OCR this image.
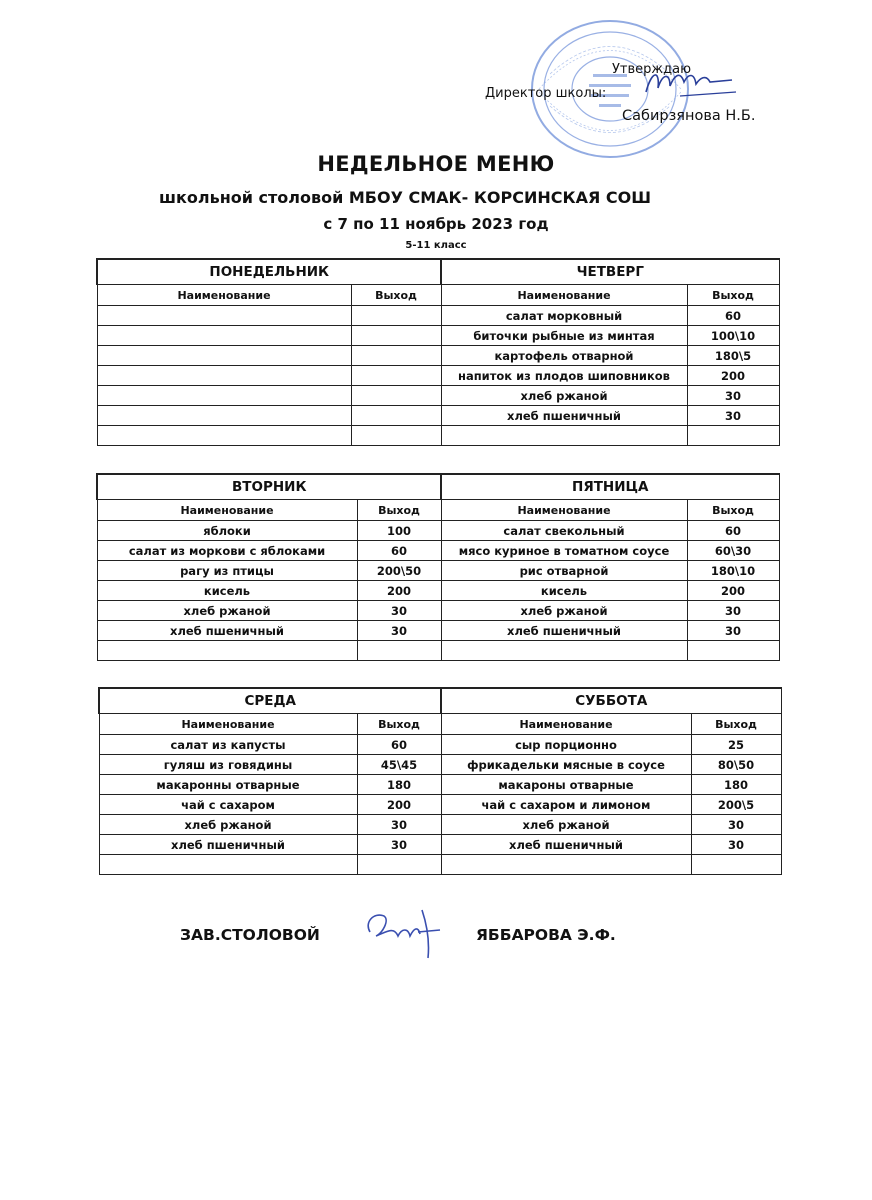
Утверждаю
Директор школы:
Сабирзянова Н.Б.
НЕДЕЛЬНОЕ МЕНЮ
школьной столовой МБОУ СМАК- КОРСИНСКАЯ СОШ
с 7 по 11 ноябрь 2023 год
5-11 класс
ПОНЕДЕЛЬНИК	
Наименование	Выход

ЧЕТВЕРГ	
Наименование	Выход
салат морковный	60
биточки рыбные из минтая	100\10
картофель отварной	180\5
напиток из плодов шиповников	200
хлеб ржаной	30
хлеб пшеничный	30

ВТОРНИК	
Наименование	Выход
яблоки	100
салат из моркови с яблоками	60
рагу из птицы	200\50
кисель	200
хлеб ржаной	30
хлеб пшеничный	30

ПЯТНИЦА	
Наименование	Выход
салат свекольный	60
мясо куриное в томатном соусе	60\30
рис отварной	180\10
кисель	200
хлеб ржаной	30
хлеб пшеничный	30

СРЕДА	
Наименование	Выход
салат из капусты	60
гуляш из говядины	45\45
макаронны отварные	180
чай с сахаром	200
хлеб ржаной	30
хлеб пшеничный	30

СУББОТА	
Наименование	Выход
сыр порционно	25
фрикадельки мясные в соусе	80\50
макароны отварные	180
чай с сахаром и лимоном	200\5
хлеб ржаной	30
хлеб пшеничный	30

ЗАВ.СТОЛОВОЙ	ЯББАРОВА Э.Ф.
